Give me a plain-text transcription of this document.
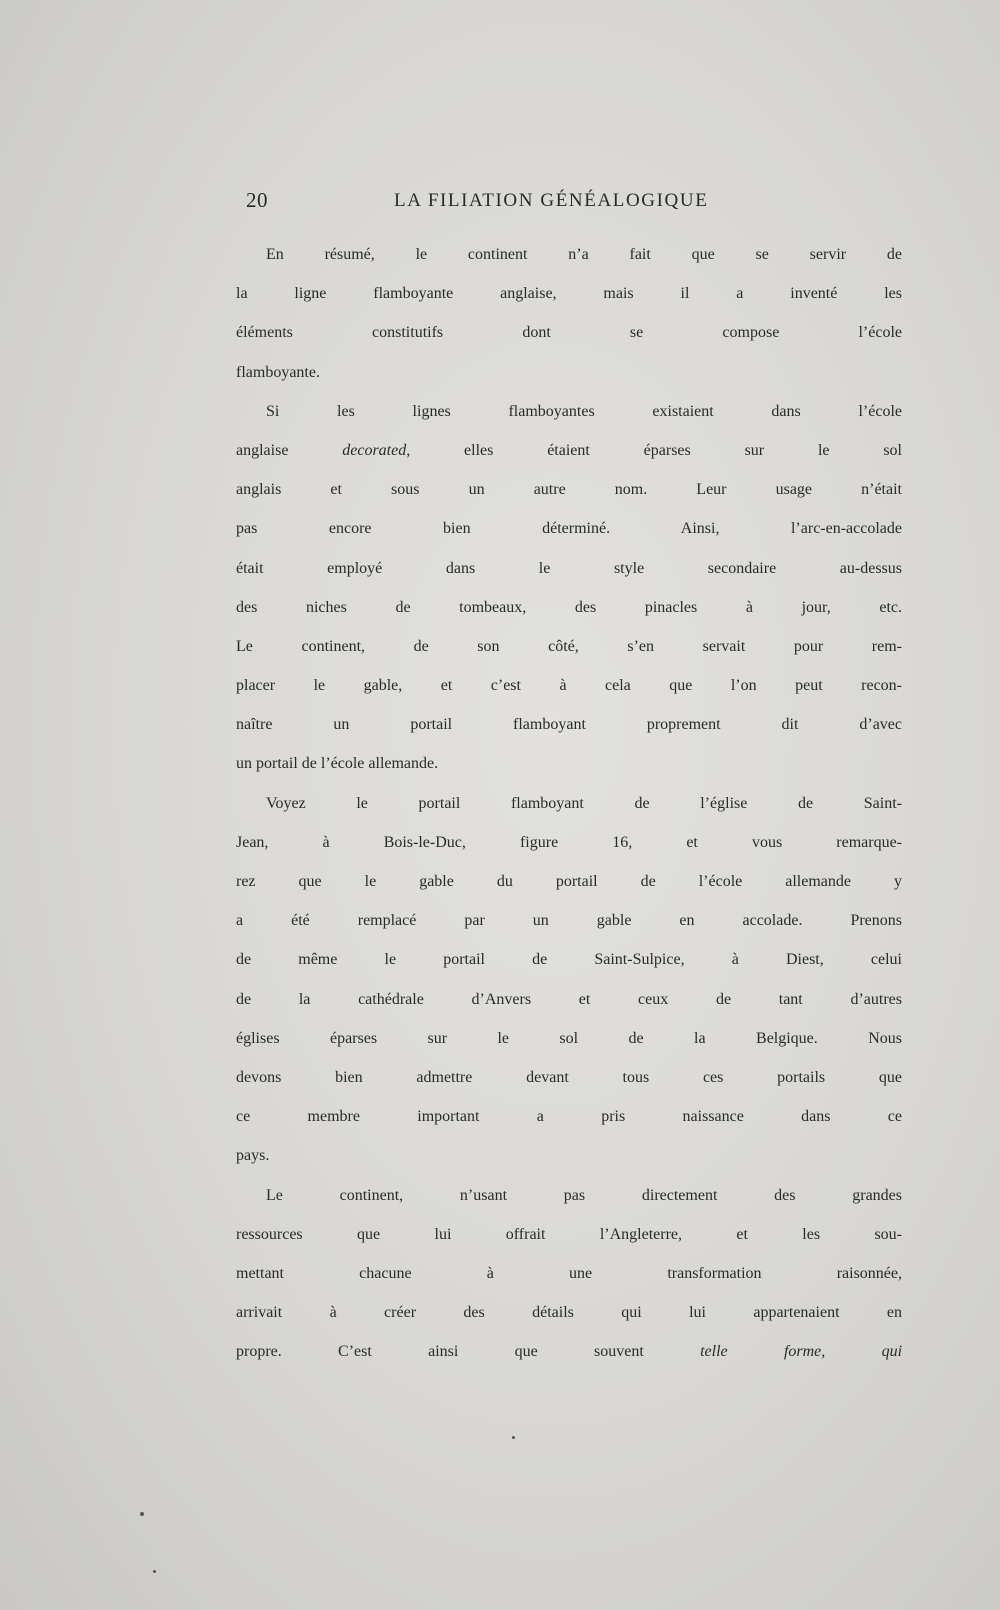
20	LA FILIATION GÉNÉALOGIQUE
En résumé, le continent n’a fait que se servir de
la ligne flamboyante anglaise, mais il a inventé les
éléments constitutifs dont se compose l’école
flamboyante.
Si les lignes flamboyantes existaient dans l’école
anglaise	decorated, elles étaient éparses sur le sol
anglais et sous un autre nom. Leur usage n’était
pas encore bien déterminé. Ainsi, l’arc-en-accolade
était employé dans le style secondaire au-dessus
des niches de tombeaux, des pinacles à jour, etc.
Le continent, de son côté, s’en servait pour rem-
placer le gable, et c’est à cela que l’on peut recon-
naître un portail flamboyant proprement dit d’avec
un portail de l’école allemande.
Voyez le portail flamboyant de l’église de Saint-
Jean, à Bois-le-Duc, figure 16, et vous remarque-
rez que le gable du portail de l’école allemande y
a été remplacé par un gable en accolade. Prenons
de même le portail de Saint-Sulpice, à Diest, celui
de la cathédrale d’Anvers et ceux de tant d’autres
églises éparses sur le sol de la Belgique. Nous
devons bien admettre devant tous ces portails que
ce membre important a pris naissance dans ce
pays.
Le continent, n’usant pas directement des grandes
ressources que lui offrait l’Angleterre, et les sou-
mettant chacune à une transformation raisonnée,
arrivait à créer des détails qui lui appartenaient en
propre. C’est ainsi que souvent	telle forme, qui
